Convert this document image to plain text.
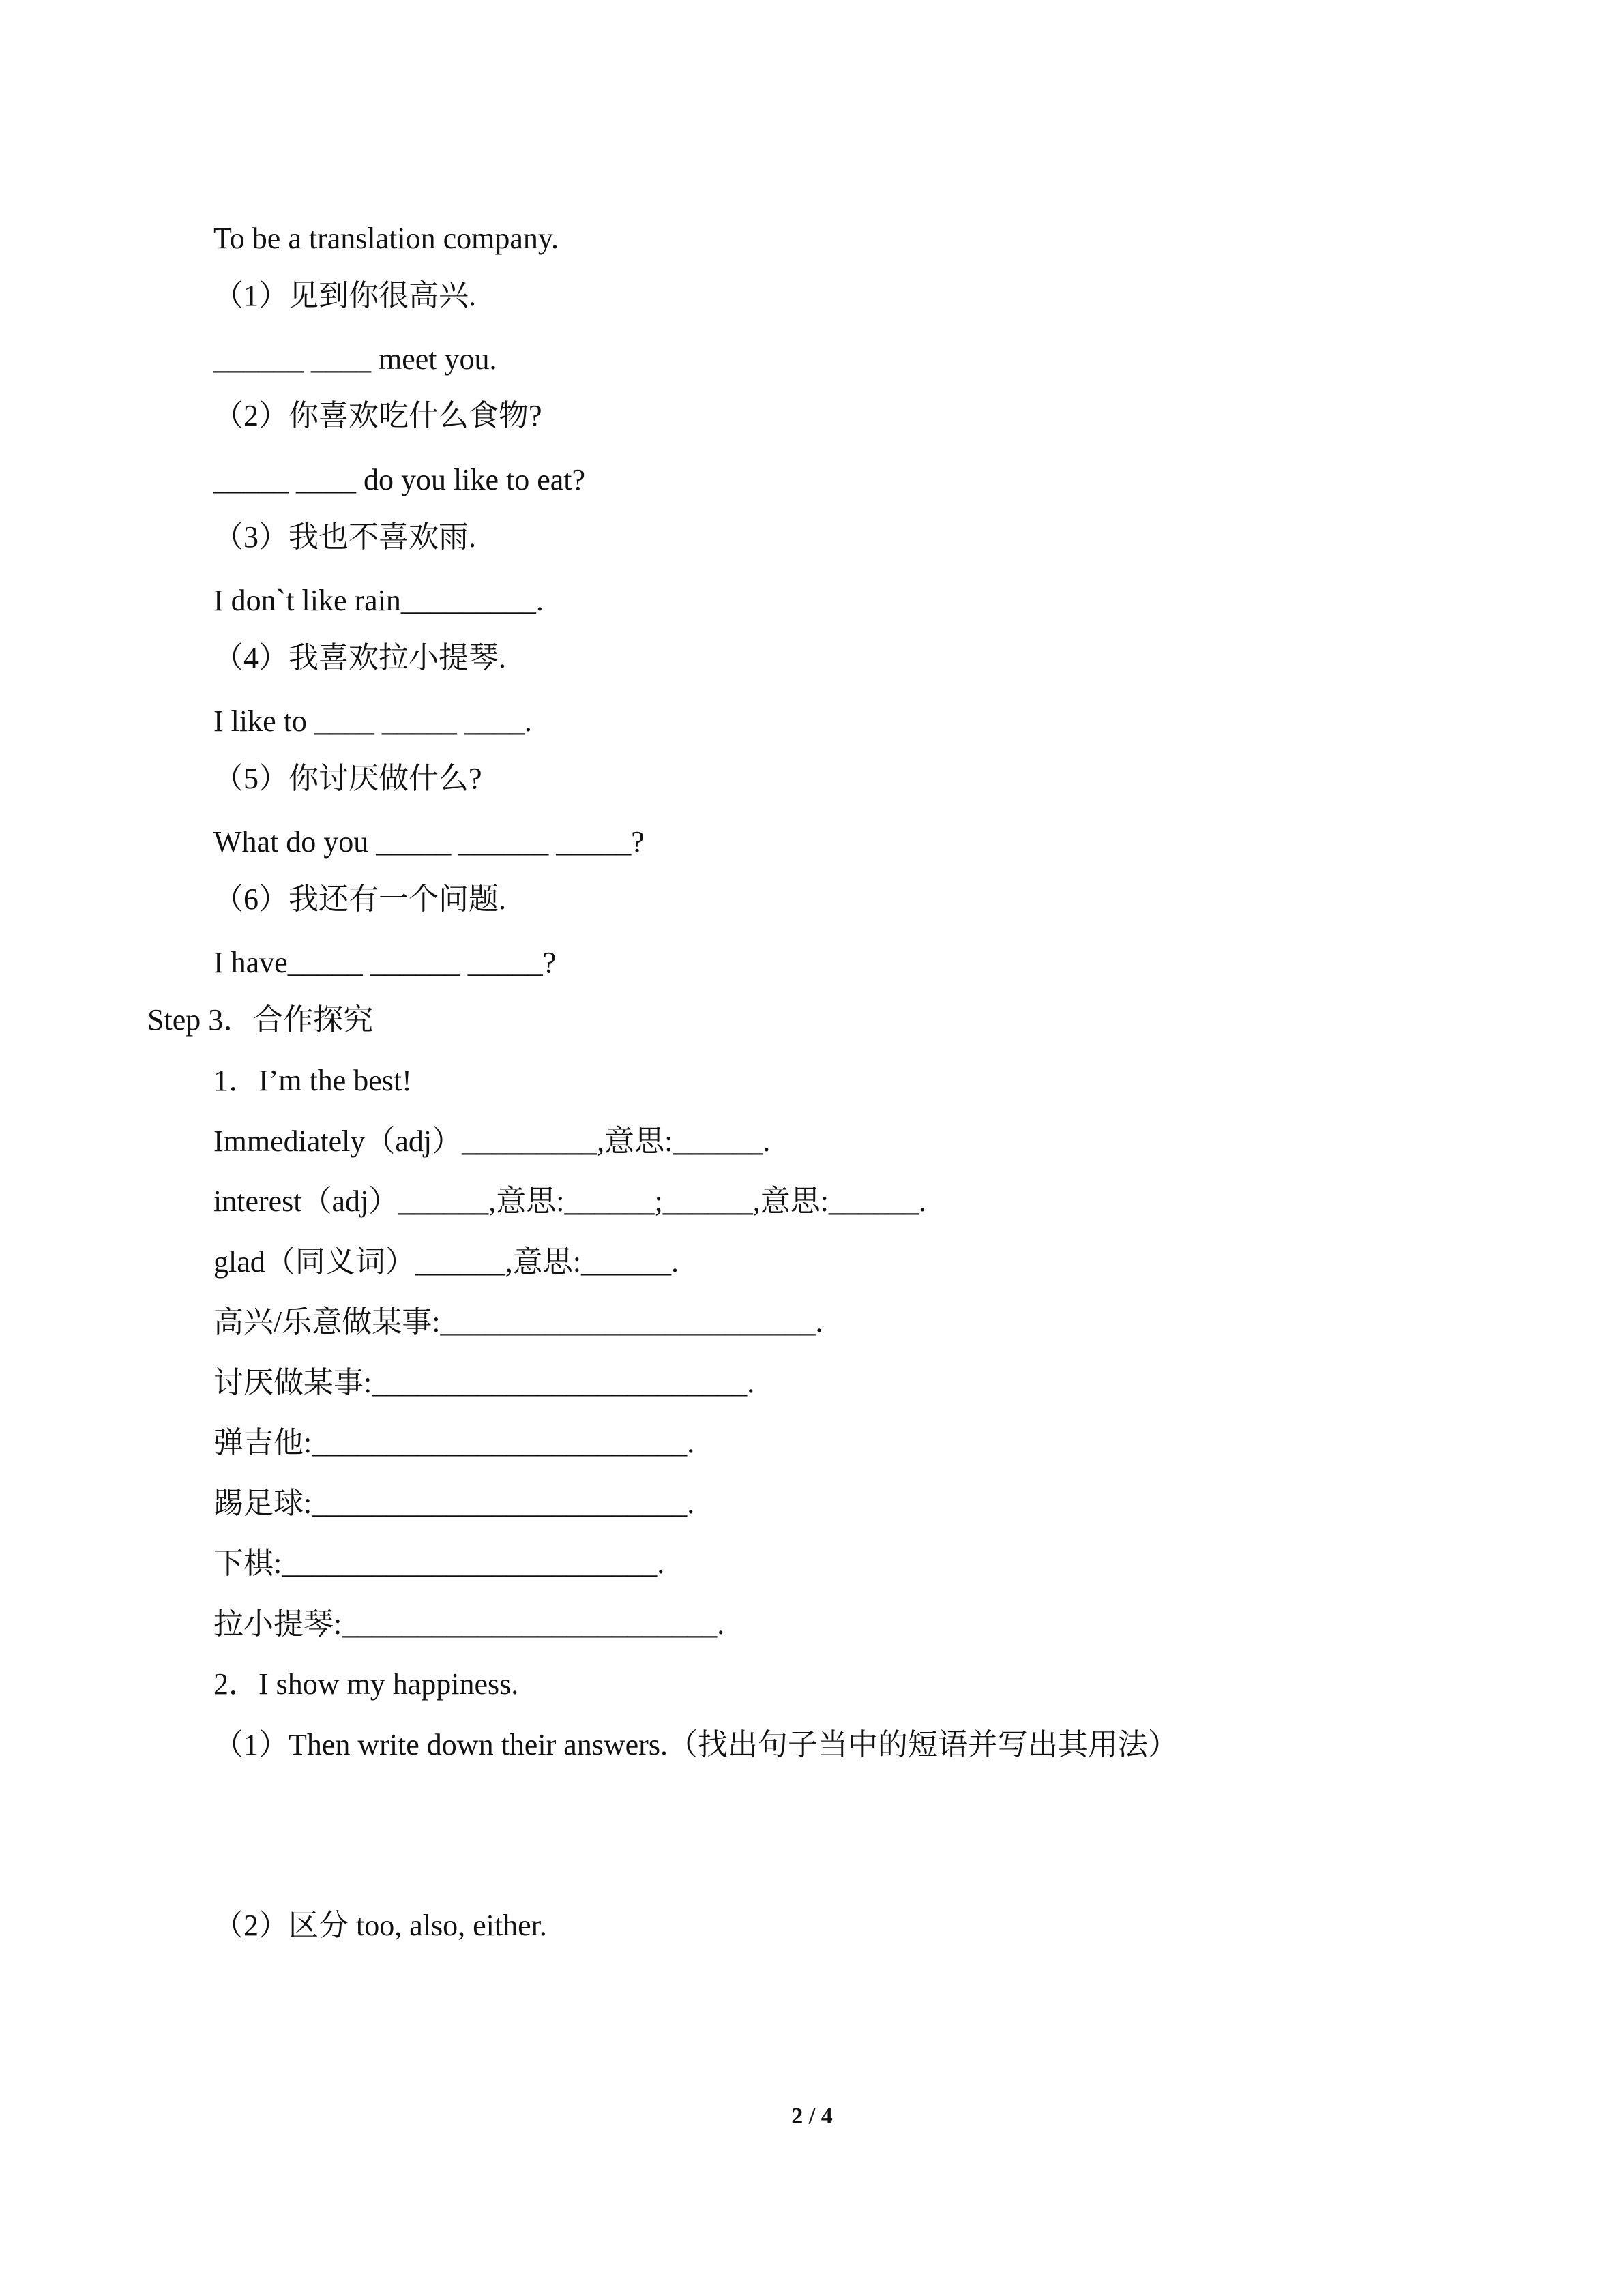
To be a translation company.
（1）见到你很高兴.
______ ____ meet you.
（2）你喜欢吃什么食物?
_____ ____ do you like to eat?
（3）我也不喜欢雨.
I don`t like rain_________.
（4）我喜欢拉小提琴.
I like to ____ _____ ____.
（5）你讨厌做什么?
What do you _____ ______ _____?
（6）我还有一个问题.
I have_____ ______ _____?
Step 3．合作探究
1．I’m the best!
Immediately（adj）_________,意思:______.
interest（adj）______,意思:______;______,意思:______.
glad（同义词）______,意思:______.
高兴/乐意做某事:_________________________.
讨厌做某事:_________________________.
弹吉他:_________________________.
踢足球:_________________________.
下棋:_________________________.
拉小提琴:_________________________.
2．I show my happiness.
（1）Then write down their answers.（找出句子当中的短语并写出其用法）
（2）区分 too, also, either.
2 / 4
